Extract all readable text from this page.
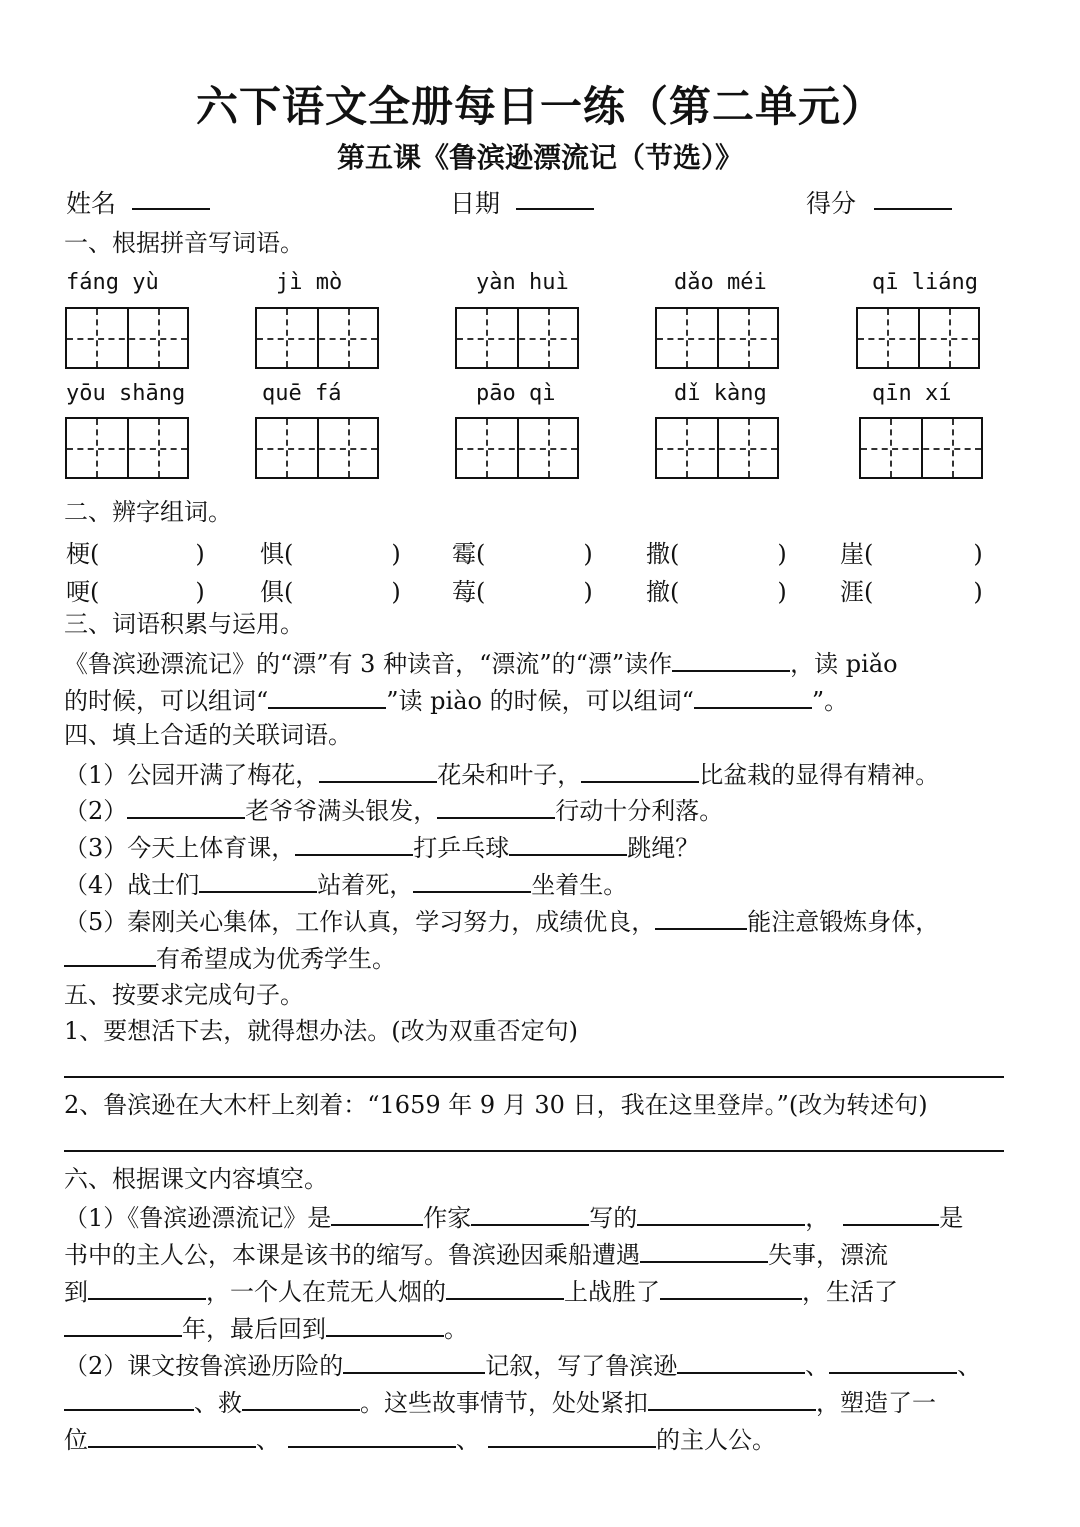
六下语文全册每日一练（第二单元）
第五课《鲁滨逊漂流记（节选）》
姓名	日期	得分
一、根据拼音写词语。
fáng yù	jì mò	yàn huì	dǎo méi	qī liáng
yōu shāng	quē fá	pāo qì	dǐ kàng	qīn xí
二、辨字组词。
梗(	) 惧(	) 霉(	) 撒(	) 崖(	)
哽(	) 俱(	) 莓(	) 撤(	) 涯(	)
三、词语积累与运用。
《鲁滨逊漂流记》的“漂”有 3 种读音，“漂流”的“漂”读作	，读 piǎo
的时候，可以组词“	”读 piào 的时候，可以组词“	”。
四、填上合适的关联词语。
（1）公园开满了梅花，	花朵和叶子，	比盆栽的显得有精神。
（2）	老爷爷满头银发，	行动十分利落。
（3）今天上体育课，	打乒乓球	跳绳？
（4）战士们	站着死，	坐着生。
（5）秦刚关心集体，工作认真，学习努力，成绩优良，	能注意锻炼身体，
有希望成为优秀学生。
五、按要求完成句子。
1、要想活下去，就得想办法。(改为双重否定句)
2、鲁滨逊在大木杆上刻着：“1659 年 9 月 30 日，我在这里登岸。”(改为转述句)
六、根据课文内容填空。
（1）《鲁滨逊漂流记》是	作家	写的	，	是
书中的主人公，本课是该书的缩写。鲁滨逊因乘船遭遇	失事，漂流
到	，一个人在荒无人烟的	上战胜了	，生活了
年，最后回到	。
（2）课文按鲁滨逊历险的	记叙，写了鲁滨逊	、	、
、救	。这些故事情节，处处紧扣	，塑造了一
位	、	、	的主人公。
